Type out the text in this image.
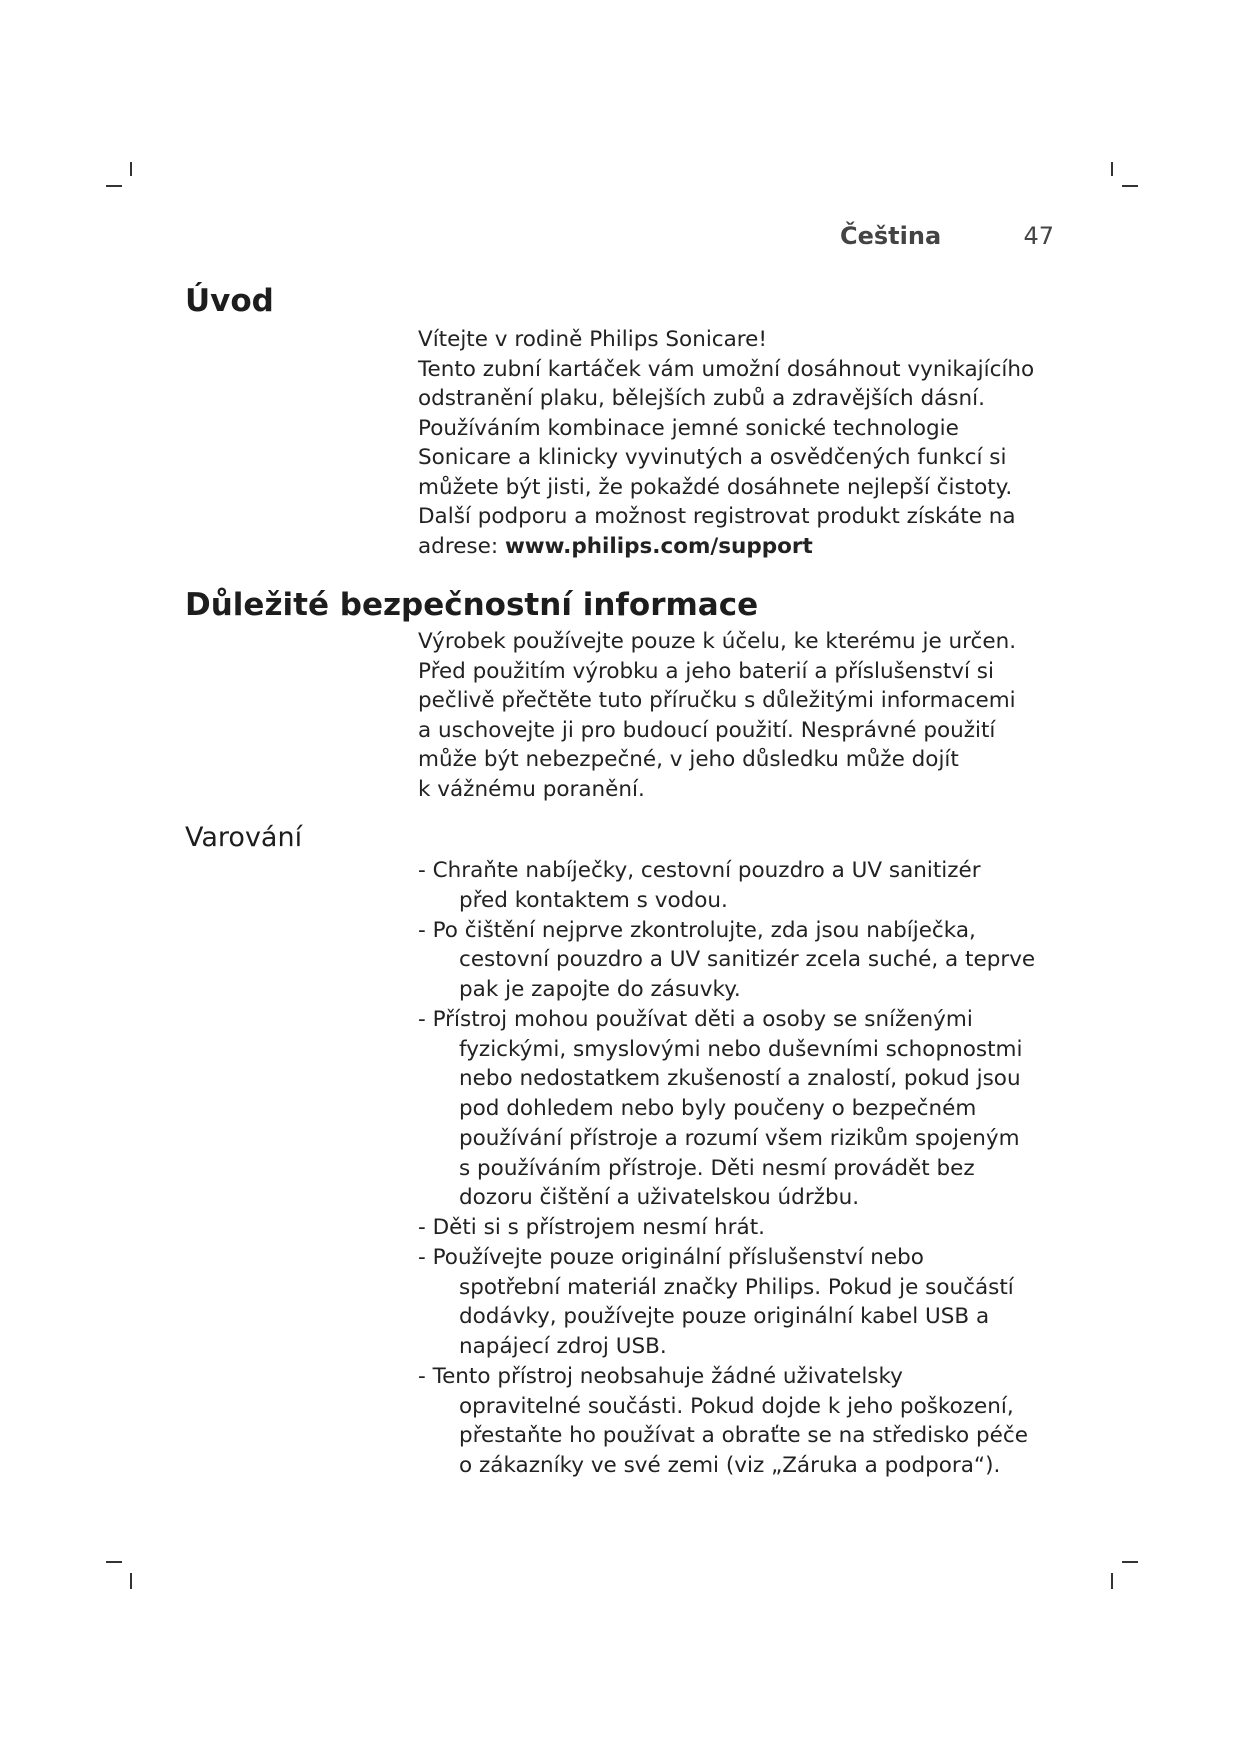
Čeština	47
Úvod
Vítejte v rodině Philips Sonicare!
Tento zubní kartáček vám umožní dosáhnout vynikajícího
odstranění plaku, bělejších zubů a zdravějších dásní.
Používáním kombinace jemné sonické technologie
Sonicare a klinicky vyvinutých a osvědčených funkcí si
můžete být jisti, že pokaždé dosáhnete nejlepší čistoty.
Další podporu a možnost registrovat produkt získáte na
adrese: www.philips.com/support
Důležité bezpečnostní informace
Výrobek používejte pouze k účelu, ke kterému je určen.
Před použitím výrobku a jeho baterií a příslušenství si
pečlivě přečtěte tuto příručku s důležitými informacemi
a uschovejte ji pro budoucí použití. Nesprávné použití
může být nebezpečné, v jeho důsledku může dojít
k vážnému poranění.
Varování
- Chraňte nabíječky, cestovní pouzdro a UV sanitizér
před kontaktem s vodou.
- Po čištění nejprve zkontrolujte, zda jsou nabíječka,
cestovní pouzdro a UV sanitizér zcela suché, a teprve
pak je zapojte do zásuvky.
- Přístroj mohou používat děti a osoby se sníženými
fyzickými, smyslovými nebo duševními schopnostmi
nebo nedostatkem zkušeností a znalostí, pokud jsou
pod dohledem nebo byly poučeny o bezpečném
používání přístroje a rozumí všem rizikům spojeným
s používáním přístroje. Děti nesmí provádět bez
dozoru čištění a uživatelskou údržbu.
- Děti si s přístrojem nesmí hrát.
- Používejte pouze originální příslušenství nebo
spotřební materiál značky Philips. Pokud je součástí
dodávky, používejte pouze originální kabel USB a
napájecí zdroj USB.
- Tento přístroj neobsahuje žádné uživatelsky
opravitelné součásti. Pokud dojde k jeho poškození,
přestaňte ho používat a obraťte se na středisko péče
o zákazníky ve své zemi (viz „Záruka a podpora“).
